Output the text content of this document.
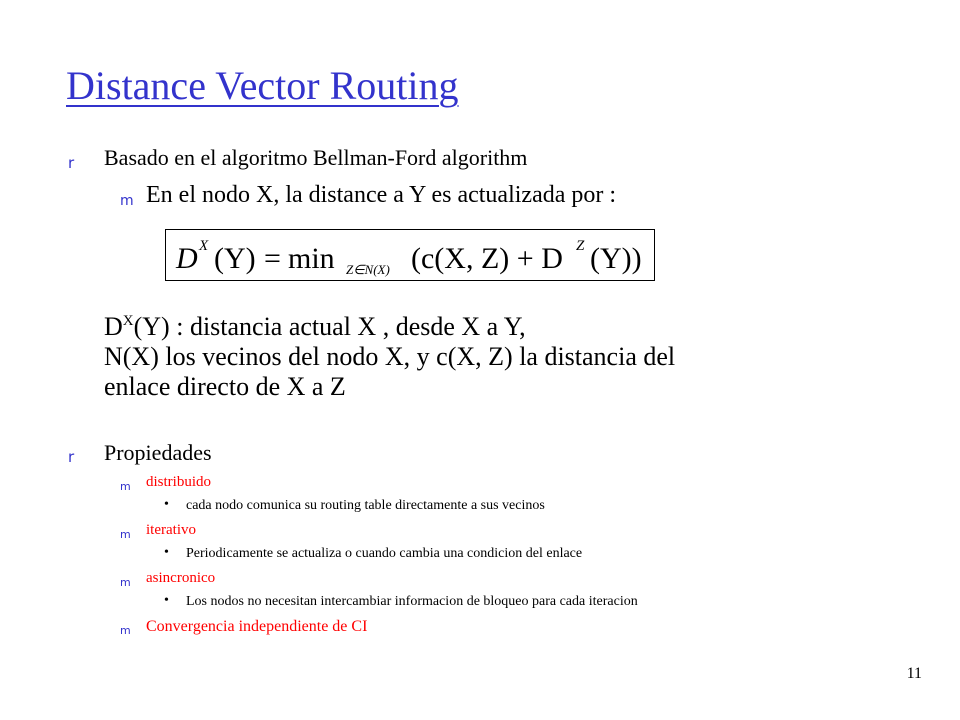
Distance Vector Routing
r Basado en el algoritmo Bellman-Ford algorithm
m En el nodo X, la distance a Y es actualizada por :
D X (Y) = min Z∈N(X) (c(X, Z) + D Z (Y))
$D^X(Y)$ : distancia actual X , desde X a Y,
N(X) los vecinos del nodo X, y c(X, Z) la distancia del
enlace directo de X a Z
r Propiedades
m distribuido
• cada nodo comunica su routing table directamente a sus vecinos
m iterativo
• Periodicamente se actualiza o cuando cambia una condicion del enlace
m asincronico
• Los nodos no necesitan intercambiar informacion de bloqueo para cada iteracion
m Convergencia independiente de CI
11
